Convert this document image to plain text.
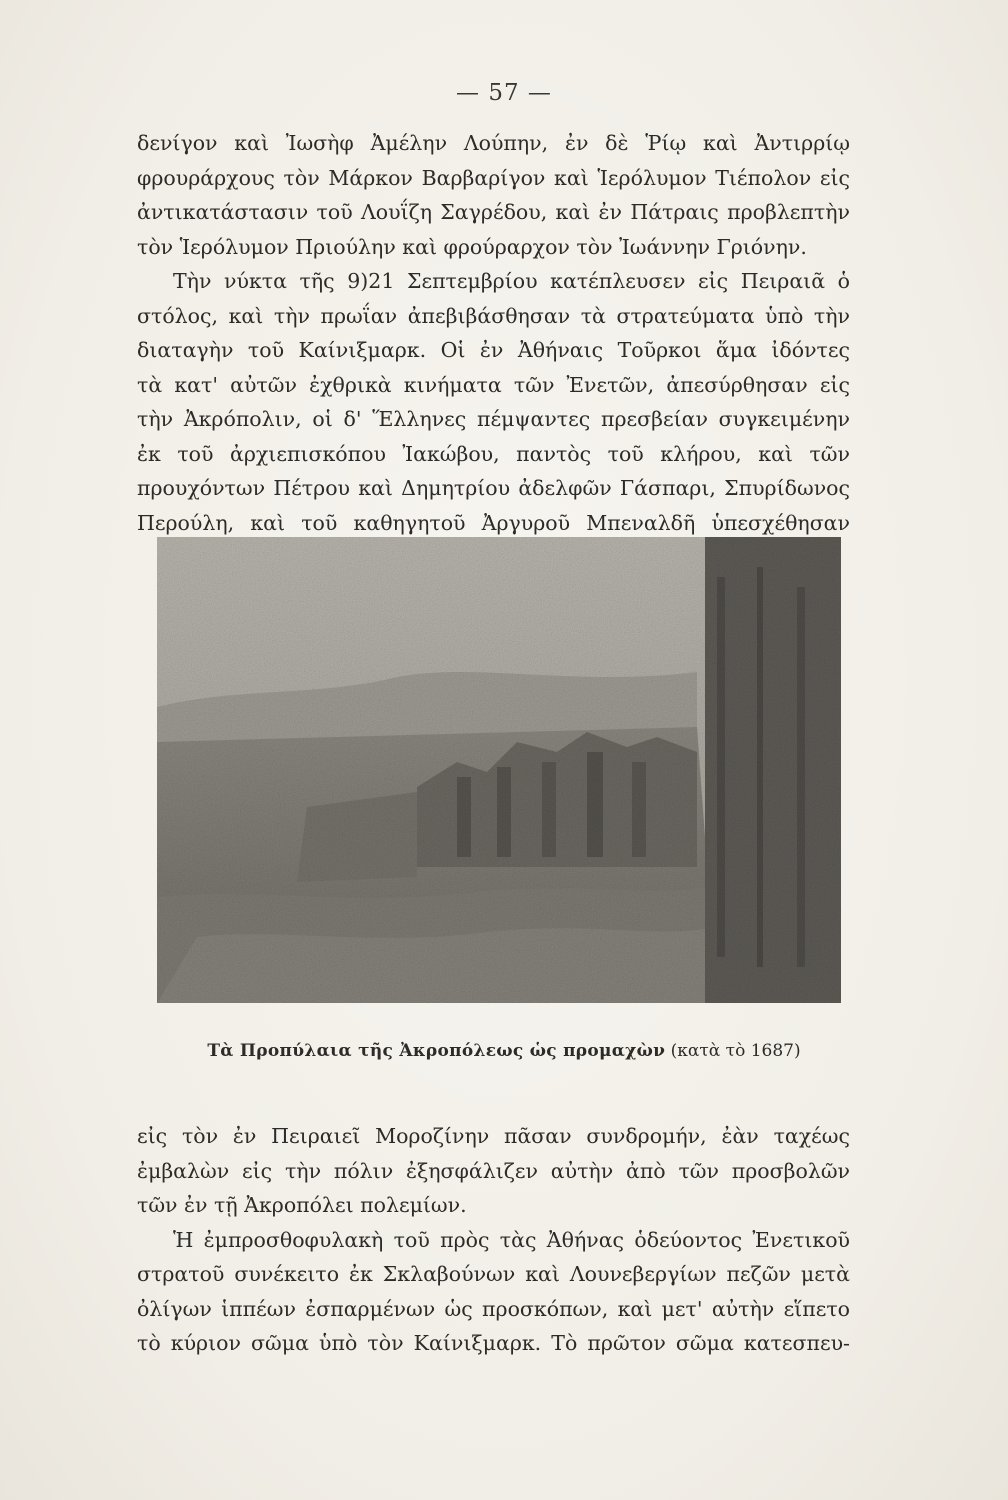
— 57 —
δενίγον καὶ Ἰωσὴφ Ἀμέλην Λούπην, ἐν δὲ Ῥίῳ καὶ Ἀντιρρίῳ
φρουράρχους τὸν Μάρκον Βαρβαρίγον καὶ Ἱερόλυμον Τιέπολον εἰς
ἀντικατάστασιν τοῦ Λουΐζη Σαγρέδου, καὶ ἐν Πάτραις προβλεπτὴν
τὸν Ἱερόλυμον Πριούλην καὶ φρούραρχον τὸν Ἰωάννην Γριόνην.
Τὴν νύκτα τῆς 9)21 Σεπτεμβρίου κατέπλευσεν εἰς Πειραιᾶ ὁ
στόλος, καὶ τὴν πρωΐαν ἀπεβιβάσθησαν τὰ στρατεύματα ὑπὸ τὴν
διαταγὴν τοῦ Καίνιξμαρκ. Οἱ ἐν Ἀθήναις Τοῦρκοι ἅμα ἰδόντες
τὰ κατ' αὐτῶν ἐχθρικὰ κινήματα τῶν Ἐνετῶν, ἀπεσύρθησαν εἰς
τὴν Ἀκρόπολιν, οἱ δ' Ἕλληνες πέμψαντες πρεσβείαν συγκειμένην
ἐκ τοῦ ἀρχιεπισκόπου Ἰακώβου, παντὸς τοῦ κλήρου, καὶ τῶν
προυχόντων Πέτρου καὶ Δημητρίου ἀδελφῶν Γάσπαρι, Σπυρίδωνος
Περούλη, καὶ τοῦ καθηγητοῦ Ἀργυροῦ Μπεναλδῆ ὑπεσχέθησαν
Τὰ Προπύλαια τῆς Ἀκροπόλεως ὡς προμαχὼν (κατὰ τὸ 1687)
εἰς τὸν ἐν Πειραιεῖ Μοροζίνην πᾶσαν συνδρομήν, ἐὰν ταχέως
ἐμβαλὼν εἰς τὴν πόλιν ἐξησφάλιζεν αὐτὴν ἀπὸ τῶν προσβολῶν
τῶν ἐν τῇ Ἀκροπόλει πολεμίων.
Ἡ ἐμπροσθοφυλακὴ τοῦ πρὸς τὰς Ἀθήνας ὁδεύοντος Ἐνετικοῦ
στρατοῦ συνέκειτο ἐκ Σκλαβούνων καὶ Λουνεβεργίων πεζῶν μετὰ
ὀλίγων ἱππέων ἐσπαρμένων ὡς προσκόπων, καὶ μετ' αὐτὴν εἵπετο
τὸ κύριον σῶμα ὑπὸ τὸν Καίνιξμαρκ. Τὸ πρῶτον σῶμα κατεσπευ-
